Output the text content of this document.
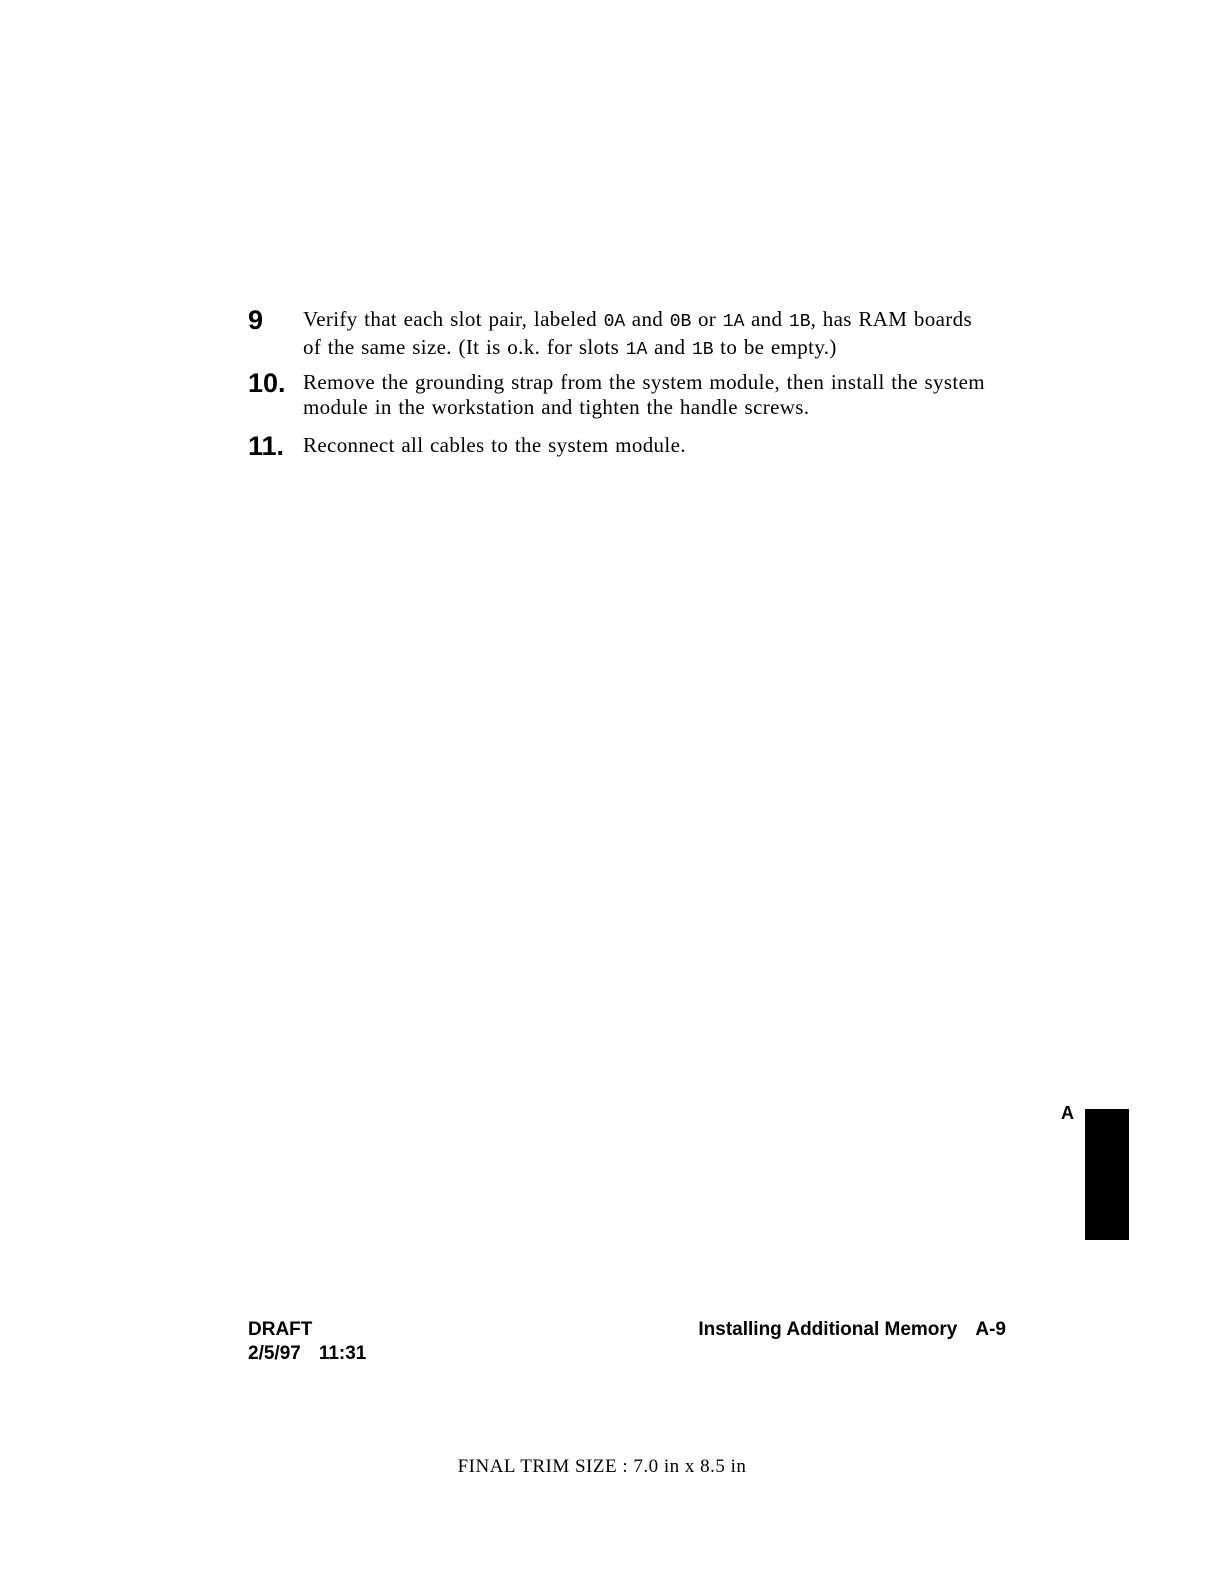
9 Verify that each slot pair, labeled 0A and 0B or 1A and 1B, has RAM boards of the same size. (It is o.k. for slots 1A and 1B to be empty.)
10. Remove the grounding strap from the system module, then install the system module in the workstation and tighten the handle screws.
11. Reconnect all cables to the system module.
A
DRAFT
2/5/97 11:31
Installing Additional Memory A-9
FINAL TRIM SIZE : 7.0 in x 8.5 in
